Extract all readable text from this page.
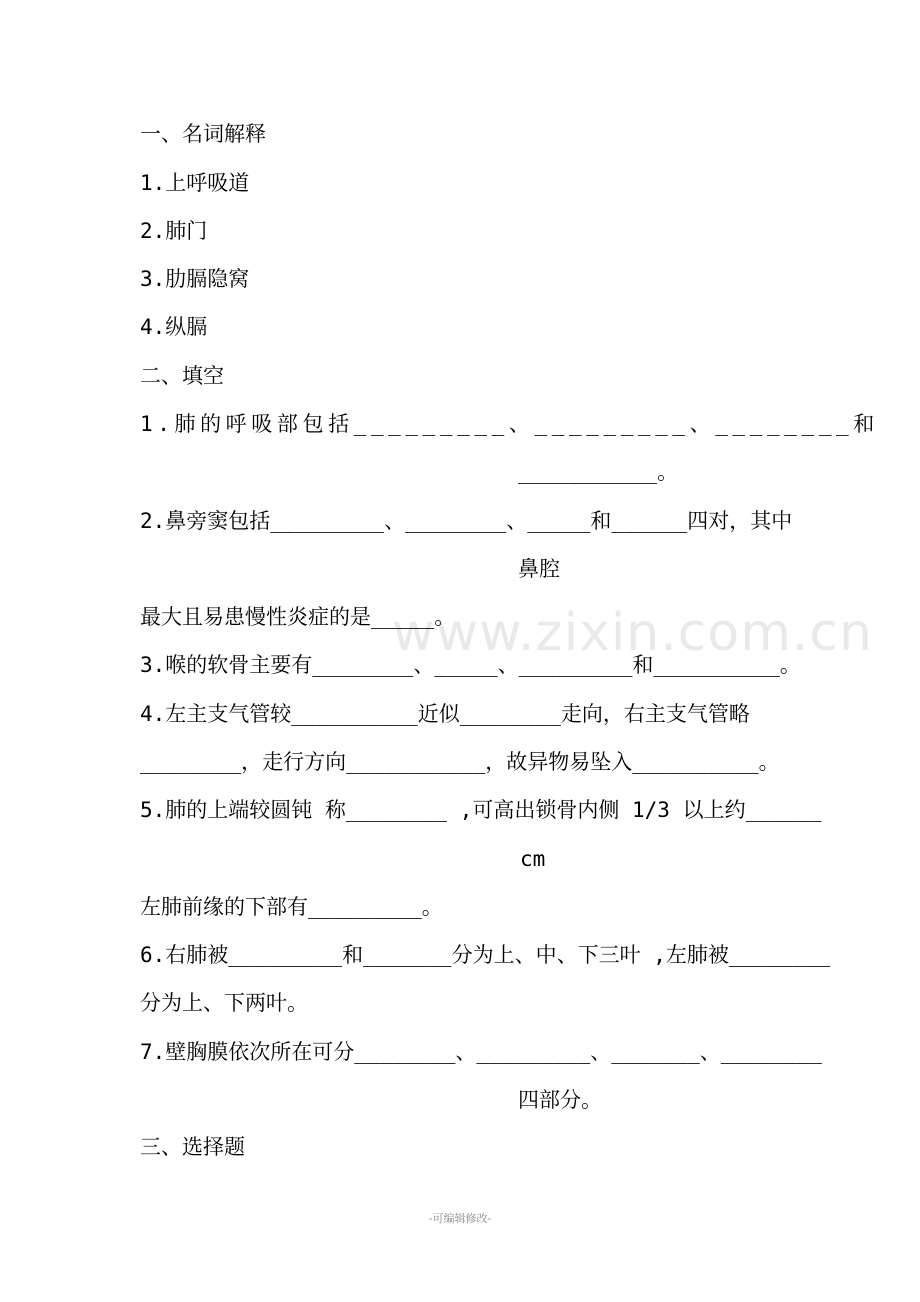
www.zixin.com.cn
一、名词解释
1.上呼吸道
2.肺门
3.肋膈隐窝
4.纵膈
二、填空
1.肺的呼吸部包括_________、_________、________和
___________。
2.鼻旁窦包括_________、________、_____和______四对，其中
鼻腔
最大且易患慢性炎症的是_____。
3.喉的软骨主要有________、_____、_________和__________。
4.左主支气管较__________近似________走向，右主支气管略
________，走行方向___________，故异物易坠入__________。
5.肺的上端较圆钝 称________ ,可高出锁骨内侧 1/3 以上约______
cm
左肺前缘的下部有_________。
6.右肺被_________和_______分为上、中、下三叶 ,左肺被________
分为上、下两叶。
7.壁胸膜依次所在可分________、_________、_______、________
四部分。
三、选择题
-可编辑修改-
